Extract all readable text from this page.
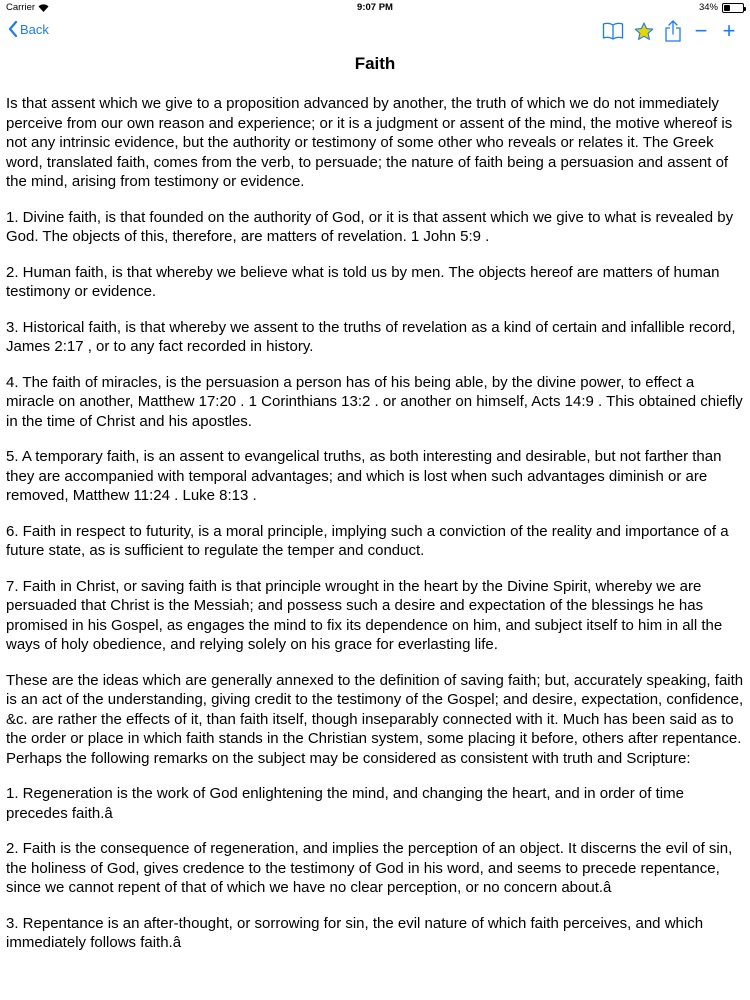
Carrier	9:07 PM	34%
Back	− +
Faith

Is that assent which we give to a proposition advanced by another, the truth of which we do not immediately perceive from our own reason and experience; or it is a judgment or assent of the mind, the motive whereof is not any intrinsic evidence, but the authority or testimony of some other who reveals or relates it. The Greek word, translated faith, comes from the verb, to persuade; the nature of faith being a persuasion and assent of the mind, arising from testimony or evidence.

1. Divine faith, is that founded on the authority of God, or it is that assent which we give to what is revealed by God. The objects of this, therefore, are matters of revelation. 1 John 5:9 .

2. Human faith, is that whereby we believe what is told us by men. The objects hereof are matters of human testimony or evidence.

3. Historical faith, is that whereby we assent to the truths of revelation as a kind of certain and infallible record, James 2:17 , or to any fact recorded in history.

4. The faith of miracles, is the persuasion a person has of his being able, by the divine power, to effect a miracle on another, Matthew 17:20 . 1 Corinthians 13:2 . or another on himself, Acts 14:9 . This obtained chiefly in the time of Christ and his apostles.

5. A temporary faith, is an assent to evangelical truths, as both interesting and desirable, but not farther than they are accompanied with temporal advantages; and which is lost when such advantages diminish or are removed, Matthew 11:24 . Luke 8:13 .

6. Faith in respect to futurity, is a moral principle, implying such a conviction of the reality and importance of a future state, as is sufficient to regulate the temper and conduct.

7. Faith in Christ, or saving faith is that principle wrought in the heart by the Divine Spirit, whereby we are persuaded that Christ is the Messiah; and possess such a desire and expectation of the blessings he has promised in his Gospel, as engages the mind to fix its dependence on him, and subject itself to him in all the ways of holy obedience, and relying solely on his grace for everlasting life.

These are the ideas which are generally annexed to the definition of saving faith; but, accurately speaking, faith is an act of the understanding, giving credit to the testimony of the Gospel; and desire, expectation, confidence, &c. are rather the effects of it, than faith itself, though inseparably connected with it. Much has been said as to the order or place in which faith stands in the Christian system, some placing it before, others after repentance. Perhaps the following remarks on the subject may be considered as consistent with truth and Scripture:

1. Regeneration is the work of God enlightening the mind, and changing the heart, and in order of time precedes faith.â

2. Faith is the consequence of regeneration, and implies the perception of an object. It discerns the evil of sin, the holiness of God, gives credence to the testimony of God in his word, and seems to precede repentance, since we cannot repent of that of which we have no clear perception, or no concern about.â

3. Repentance is an after-thought, or sorrowing for sin, the evil nature of which faith perceives, and which immediately follows faith.â
